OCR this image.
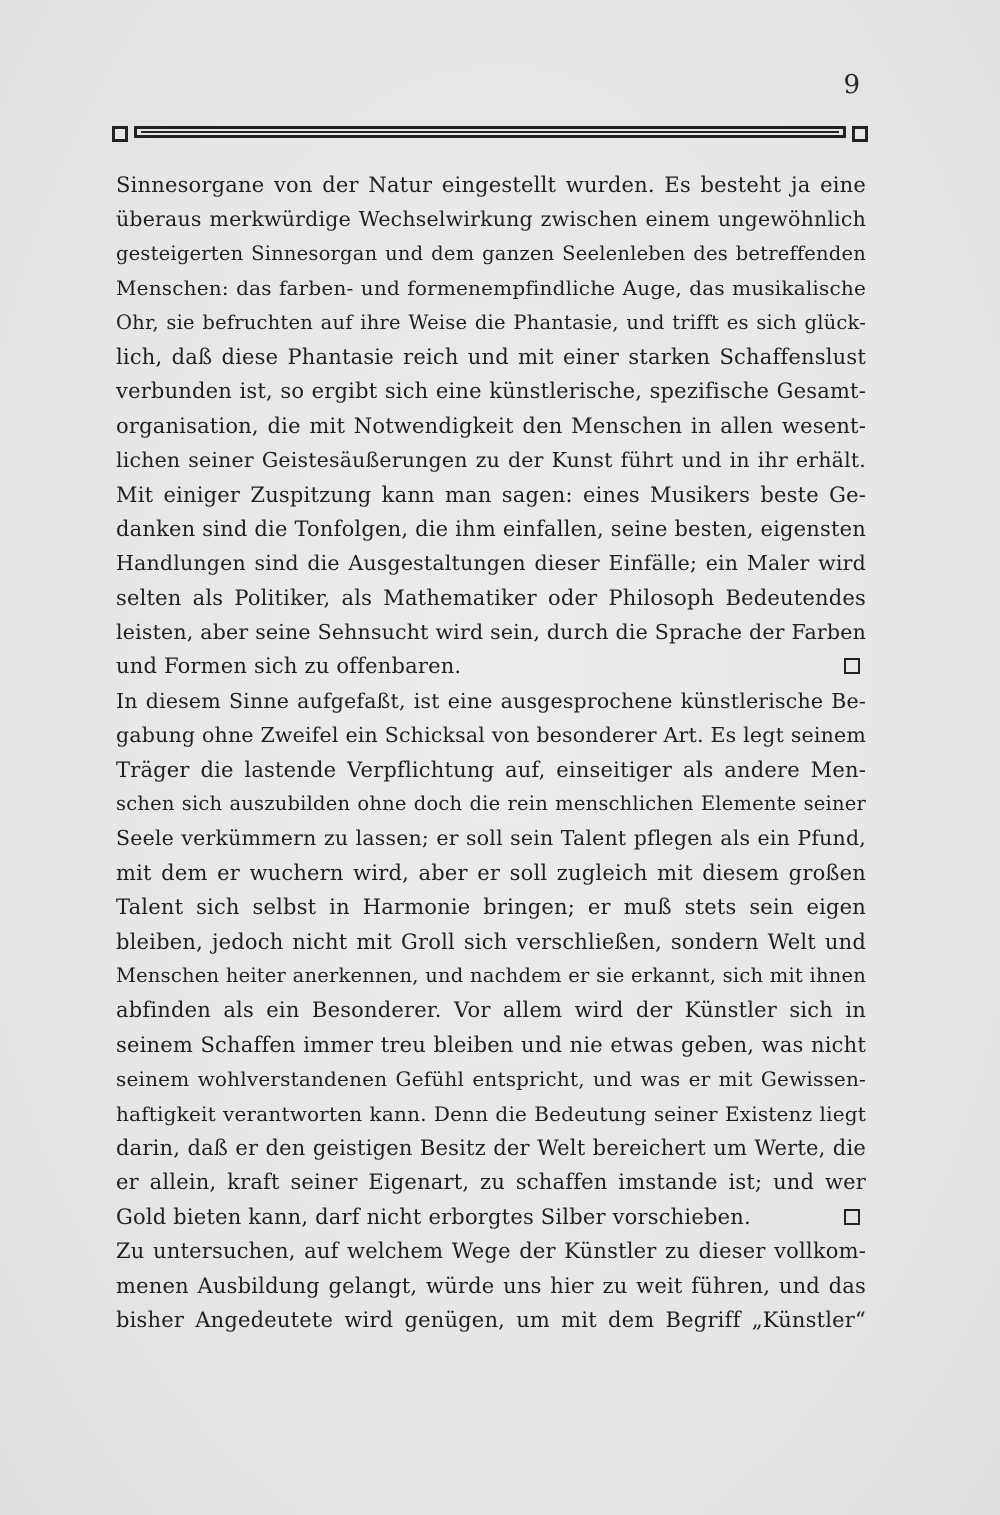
9
Sinnesorgane von der Natur eingestellt wurden. Es besteht ja eine
überaus merkwürdige Wechselwirkung zwischen einem ungewöhnlich
gesteigerten Sinnesorgan und dem ganzen Seelenleben des betreffenden
Menschen: das farben- und formenempfindliche Auge, das musikalische
Ohr, sie befruchten auf ihre Weise die Phantasie, und trifft es sich glück-
lich, daß diese Phantasie reich und mit einer starken Schaffenslust
verbunden ist, so ergibt sich eine künstlerische, spezifische Gesamt-
organisation, die mit Notwendigkeit den Menschen in allen wesent-
lichen seiner Geistesäußerungen zu der Kunst führt und in ihr erhält.
Mit einiger Zuspitzung kann man sagen: eines Musikers beste Ge-
danken sind die Tonfolgen, die ihm einfallen, seine besten, eigensten
Handlungen sind die Ausgestaltungen dieser Einfälle; ein Maler wird
selten als Politiker, als Mathematiker oder Philosoph Bedeutendes
leisten, aber seine Sehnsucht wird sein, durch die Sprache der Farben
und Formen sich zu offenbaren.
In diesem Sinne aufgefaßt, ist eine ausgesprochene künstlerische Be-
gabung ohne Zweifel ein Schicksal von besonderer Art. Es legt seinem
Träger die lastende Verpflichtung auf, einseitiger als andere Men-
schen sich auszubilden ohne doch die rein menschlichen Elemente seiner
Seele verkümmern zu lassen; er soll sein Talent pflegen als ein Pfund,
mit dem er wuchern wird, aber er soll zugleich mit diesem großen
Talent sich selbst in Harmonie bringen; er muß stets sein eigen
bleiben, jedoch nicht mit Groll sich verschließen, sondern Welt und
Menschen heiter anerkennen, und nachdem er sie erkannt, sich mit ihnen
abfinden als ein Besonderer. Vor allem wird der Künstler sich in
seinem Schaffen immer treu bleiben und nie etwas geben, was nicht
seinem wohlverstandenen Gefühl entspricht, und was er mit Gewissen-
haftigkeit verantworten kann. Denn die Bedeutung seiner Existenz liegt
darin, daß er den geistigen Besitz der Welt bereichert um Werte, die
er allein, kraft seiner Eigenart, zu schaffen imstande ist; und wer
Gold bieten kann, darf nicht erborgtes Silber vorschieben.
Zu untersuchen, auf welchem Wege der Künstler zu dieser vollkom-
menen Ausbildung gelangt, würde uns hier zu weit führen, und das
bisher Angedeutete wird genügen, um mit dem Begriff „Künstler“
